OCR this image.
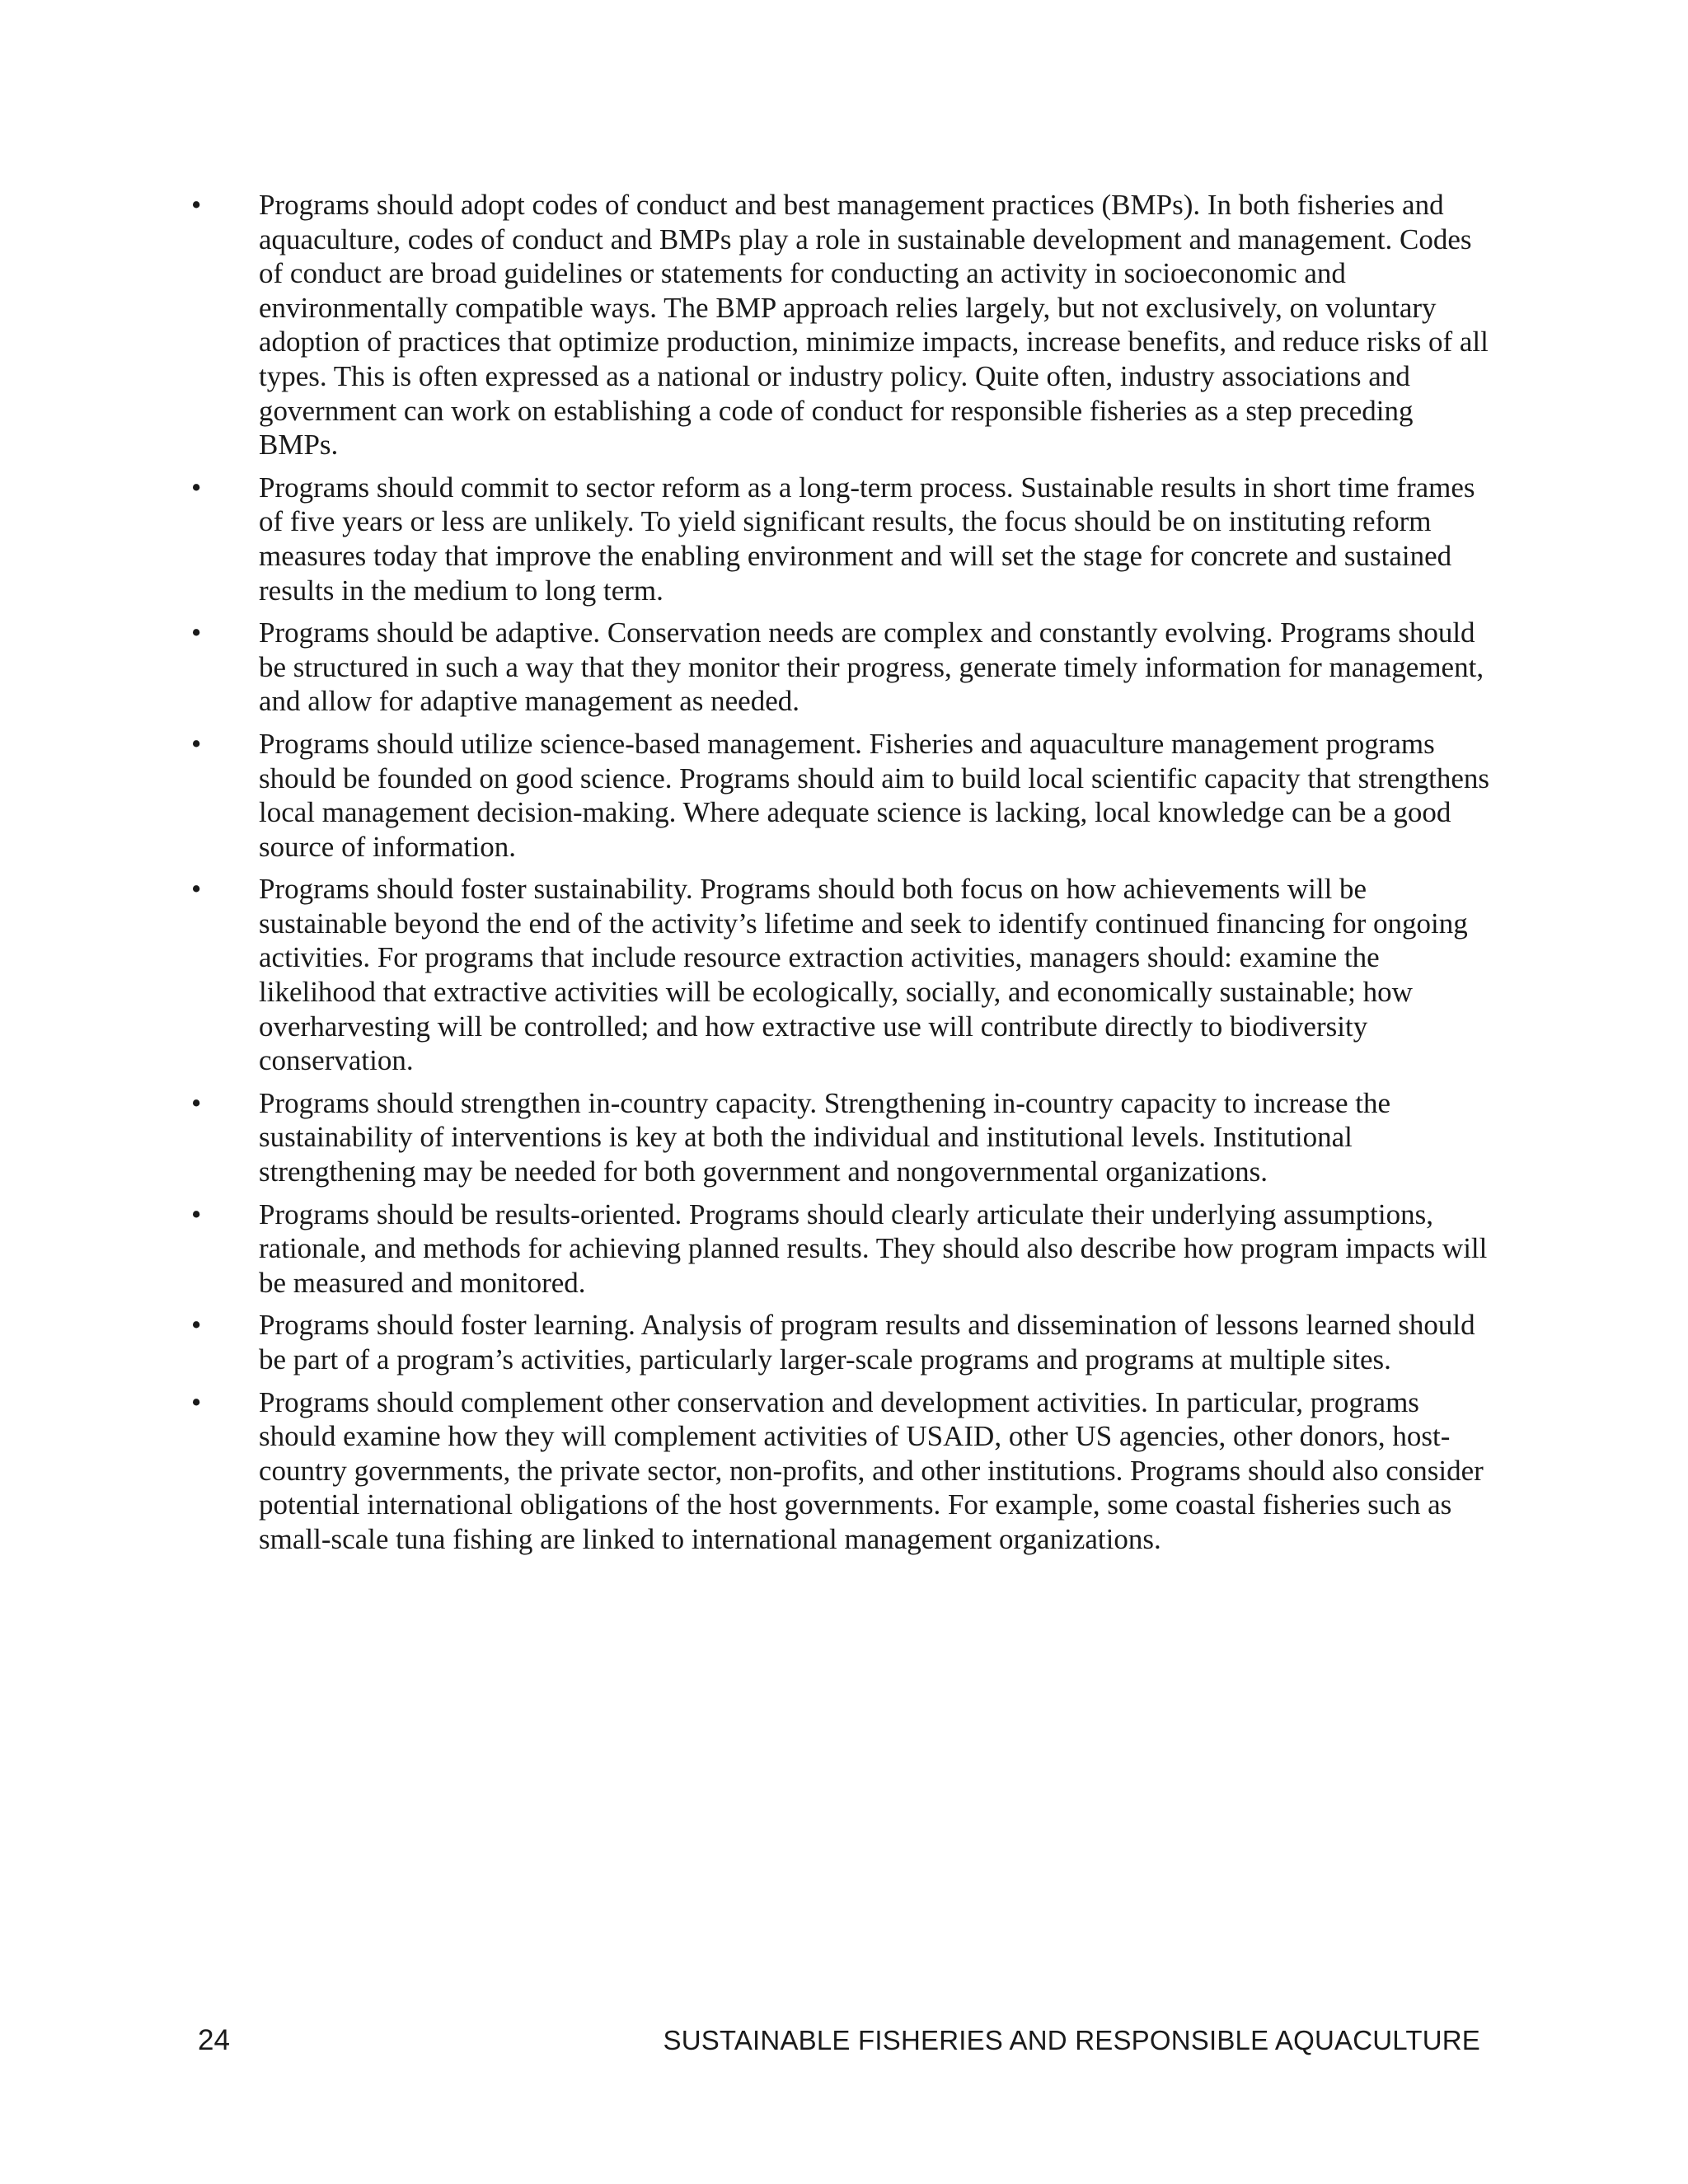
• Programs should adopt codes of conduct and best management practices (BMPs). In both fisheries and aquaculture, codes of conduct and BMPs play a role in sustainable development and management. Codes of conduct are broad guidelines or statements for conducting an activity in socioeconomic and environmentally compatible ways. The BMP approach relies largely, but not exclusively, on voluntary adoption of practices that optimize production, minimize impacts, increase benefits, and reduce risks of all types. This is often expressed as a national or industry policy. Quite often, industry associations and government can work on establishing a code of conduct for responsible fisheries as a step preceding BMPs.
• Programs should commit to sector reform as a long-term process. Sustainable results in short time frames of five years or less are unlikely. To yield significant results, the focus should be on instituting reform measures today that improve the enabling environment and will set the stage for concrete and sustained results in the medium to long term.
• Programs should be adaptive. Conservation needs are complex and constantly evolving. Programs should be structured in such a way that they monitor their progress, generate timely information for management, and allow for adaptive management as needed.
• Programs should utilize science-based management. Fisheries and aquaculture management programs should be founded on good science. Programs should aim to build local scientific capacity that strengthens local management decision-making. Where adequate science is lacking, local knowledge can be a good source of information.
• Programs should foster sustainability. Programs should both focus on how achievements will be sustainable beyond the end of the activity’s lifetime and seek to identify continued financing for ongoing activities. For programs that include resource extraction activities, managers should: examine the likelihood that extractive activities will be ecologically, socially, and economically sustainable; how overharvesting will be controlled; and how extractive use will contribute directly to biodiversity conservation.
• Programs should strengthen in-country capacity. Strengthening in-country capacity to increase the sustainability of interventions is key at both the individual and institutional levels. Institutional strengthening may be needed for both government and nongovernmental organizations.
• Programs should be results-oriented. Programs should clearly articulate their underlying assumptions, rationale, and methods for achieving planned results. They should also describe how program impacts will be measured and monitored.
• Programs should foster learning. Analysis of program results and dissemination of lessons learned should be part of a program’s activities, particularly larger-scale programs and programs at multiple sites.
• Programs should complement other conservation and development activities. In particular, programs should examine how they will complement activities of USAID, other US agencies, other donors, host-country governments, the private sector, non-profits, and other institutions. Programs should also consider potential international obligations of the host governments. For example, some coastal fisheries such as small-scale tuna fishing are linked to international management organizations.
24	SUSTAINABLE FISHERIES AND RESPONSIBLE AQUACULTURE
